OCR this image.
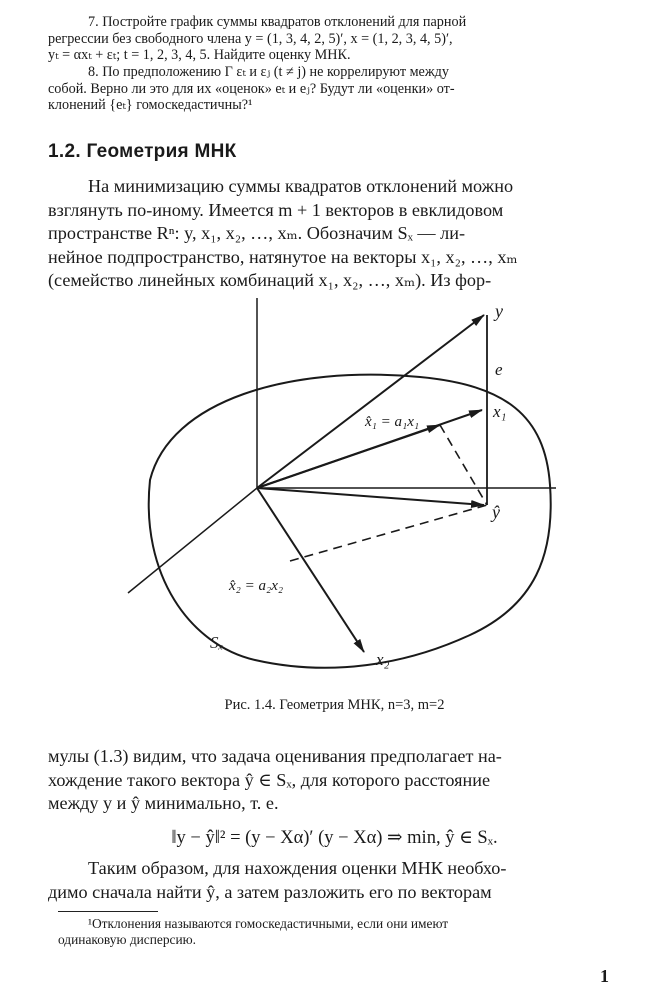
7. Постройте график суммы квадратов отклонений для парной

регрессии без свободного члена y = (1, 3, 4, 2, 5)′, x = (1, 2, 3, 4, 5)′,
yₜ = αxₜ + εₜ; t = 1, 2, 3, 4, 5. Найдите оценку МНК.

8. По предположению Г εₜ и εⱼ (t ≠ j) не коррелируют между

собой. Верно ли это для их «оценок» eₜ и eⱼ? Будут ли «оценки» от-
клонений {eₜ} гомоскедастичны?¹
1.2. Геометрия МНК

На минимизацию суммы квадратов отклонений можно

взглянуть по-иному. Имеется m + 1 векторов в евклидовом
пространстве Rⁿ: y, x₁, x₂, …, xₘ. Обозначим Sₓ — ли-
нейное подпространство, натянутое на векторы x₁, x₂, …, xₘ
(семейство линейных комбинаций x₁, x₂, …, xₘ). Из фор-
y
e
x₁
x̂₁ = a₁x₁
ŷ
x̂₂ = a₂x₂
Sₓ
x₂
Рис. 1.4. Геометрия МНК, n=3, m=2

мулы (1.3) видим, что задача оценивания предполагает на-

хождение такого вектора ŷ ∈ Sₓ, для которого расстояние
между y и ŷ минимально, т. е.
‖y − ŷ‖² = (y − Xα)′ (y − Xα) ⇒ min, ŷ ∈ Sₓ.

Таким образом, для нахождения оценки МНК необхо-

димо сначала найти ŷ, а затем разложить его по векторам

¹Отклонения называются гомоскедастичными, если они имеют

одинаковую дисперсию.
1
